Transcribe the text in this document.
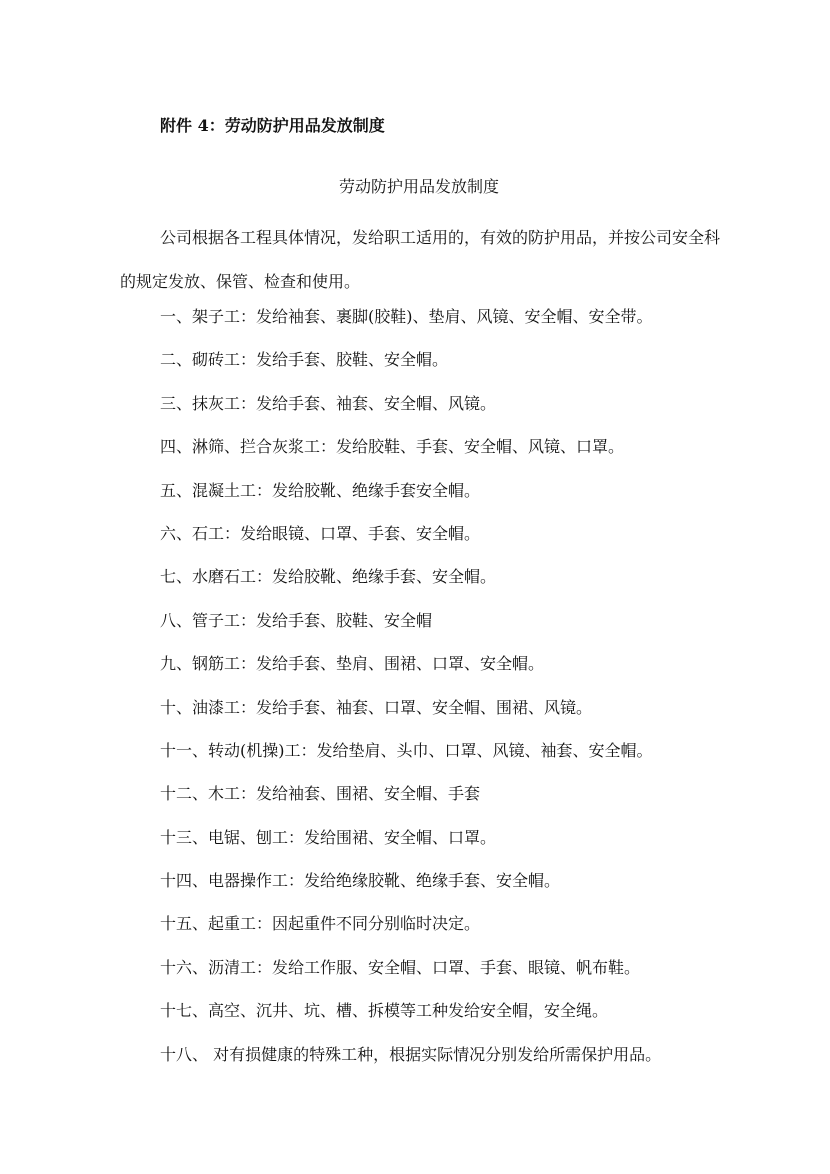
附件 4：劳动防护用品发放制度
劳动防护用品发放制度
公司根据各工程具体情况，发给职工适用的，有效的防护用品，并按公司安全科的规定发放、保管、检查和使用。
一、架子工：发给袖套、裹脚(胶鞋)、垫肩、风镜、安全帽、安全带。
二、砌砖工：发给手套、胶鞋、安全帽。
三、抹灰工：发给手套、袖套、安全帽、风镜。
四、淋筛、拦合灰浆工：发给胶鞋、手套、安全帽、风镜、口罩。
五、混凝土工：发给胶靴、绝缘手套安全帽。
六、石工：发给眼镜、口罩、手套、安全帽。
七、水磨石工：发给胶靴、绝缘手套、安全帽。
八、管子工：发给手套、胶鞋、安全帽
九、钢筋工：发给手套、垫肩、围裙、口罩、安全帽。
十、油漆工：发给手套、袖套、口罩、安全帽、围裙、风镜。
十一、转动(机操)工：发给垫肩、头巾、口罩、风镜、袖套、安全帽。
十二、木工：发给袖套、围裙、安全帽、手套
十三、电锯、刨工：发给围裙、安全帽、口罩。
十四、电器操作工：发给绝缘胶靴、绝缘手套、安全帽。
十五、起重工：因起重件不同分别临时决定。
十六、沥清工：发给工作服、安全帽、口罩、手套、眼镜、帆布鞋。
十七、高空、沉井、坑、槽、拆模等工种发给安全帽，安全绳。
十八、 对有损健康的特殊工种，根据实际情况分别发给所需保护用品。
